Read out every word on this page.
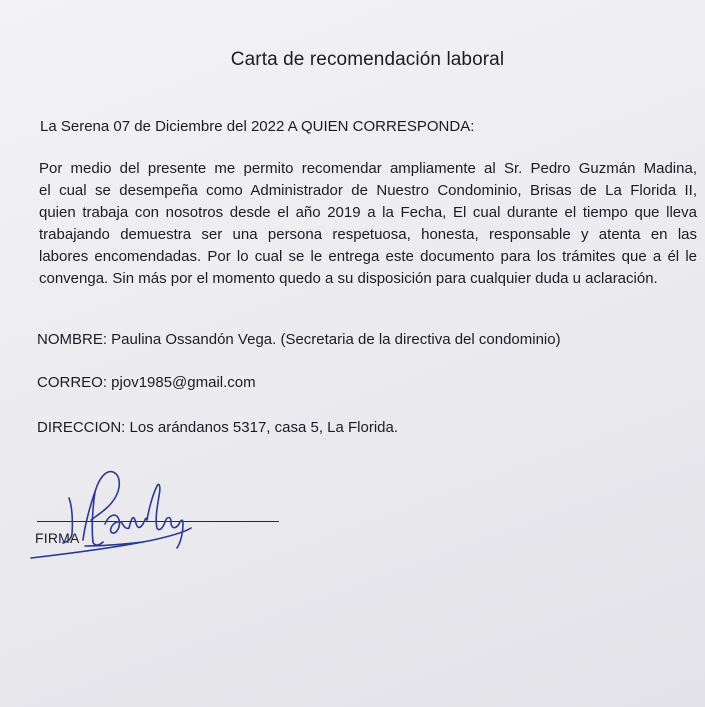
Carta de recomendación laboral
La Serena 07 de Diciembre del 2022 A QUIEN CORRESPONDA:
Por medio del presente me permito recomendar ampliamente al Sr. Pedro Guzmán Madina,
el cual se desempeña como Administrador de Nuestro Condominio, Brisas de La Florida II,
quien trabaja con nosotros desde el año 2019 a la Fecha, El cual durante el tiempo que lleva
trabajando demuestra ser una persona respetuosa, honesta, responsable y atenta en las
labores encomendadas. Por lo cual se le entrega este documento para los trámites que a él le
convenga. Sin más por el momento quedo a su disposición para cualquier duda u aclaración.
NOMBRE: Paulina Ossandón Vega. (Secretaria de la directiva del condominio)
CORREO: pjov1985@gmail.com
DIRECCION: Los arándanos 5317, casa 5, La Florida.
FIRMA
